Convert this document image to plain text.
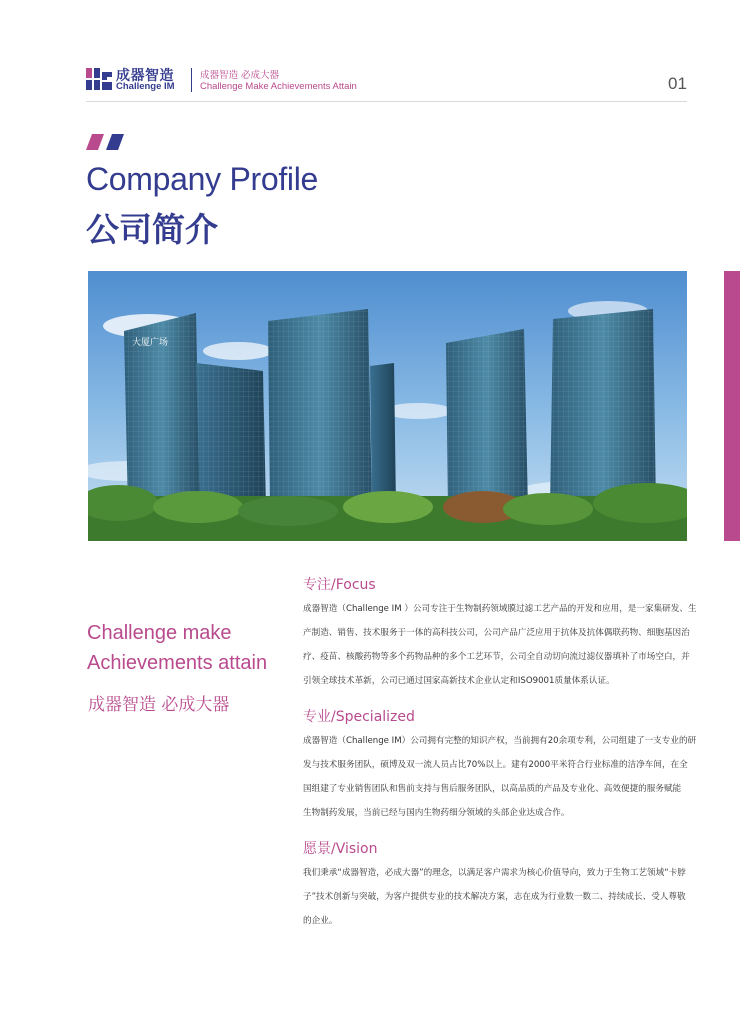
成器智造
Challenge IM
成器智造 必成大器
Challenge Make Achievements Attain	01
Company Profile
公司简介
大厦广场
Challenge make
Achievements attain
成器智造 必成大器
专注/Focus

成器智造（Challenge IM ）公司专注于生物制药领域膜过滤工艺产品的开发和应用，是一家集研发、生

产制造、销售、技术服务于一体的高科技公司，公司产品广泛应用于抗体及抗体偶联药物、细胞基因治

疗、疫苗、核酸药物等多个药物品种的多个工艺环节，公司全自动切向流过滤仪器填补了市场空白，并

引领全球技术革新，公司已通过国家高新技术企业认定和ISO9001质量体系认证。

专业/Specialized

成器智造（Challenge IM）公司拥有完整的知识产权，当前拥有20余项专利，公司组建了一支专业的研

发与技术服务团队，硕博及双一流人员占比70%以上。建有2000平米符合行业标准的洁净车间，在全

国组建了专业销售团队和售前支持与售后服务团队，以高品质的产品及专业化、高效便捷的服务赋能

生物制药发展，当前已经与国内生物药细分领域的头部企业达成合作。

愿景/Vision

我们秉承“成器智造，必成大器”的理念，以满足客户需求为核心价值导向，致力于生物工艺领域“卡脖

子”技术创新与突破，为客户提供专业的技术解决方案，志在成为行业数一数二、持续成长、受人尊敬

的企业。
